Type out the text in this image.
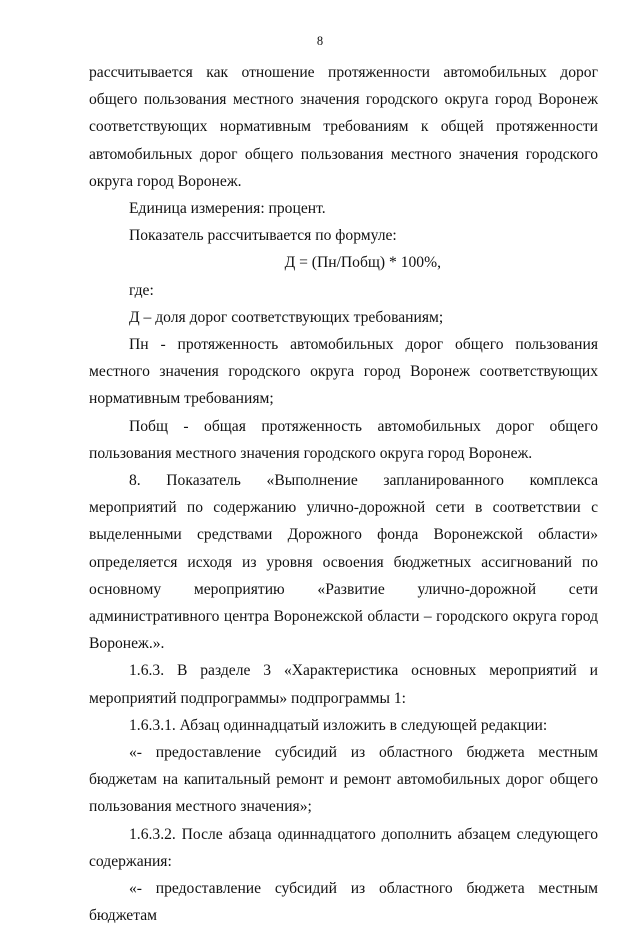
8

рассчитывается как отношение протяженности автомобильных дорог общего пользования местного значения городского округа город Воронеж соответствующих нормативным требованиям к общей протяженности автомобильных дорог общего пользования местного значения городского округа город Воронеж.

Единица измерения: процент.

Показатель рассчитывается по формуле:

Д = (Пн/Побщ) * 100%,

где:

Д – доля дорог соответствующих требованиям;

Пн - протяженность автомобильных дорог общего пользования местного значения городского округа город Воронеж соответствующих нормативным требованиям;

Побщ - общая протяженность автомобильных дорог общего пользования местного значения городского округа город Воронеж.

8. Показатель «Выполнение запланированного комплекса мероприятий по содержанию улично-дорожной сети в соответствии с выделенными средствами Дорожного фонда Воронежской области» определяется исходя из уровня освоения бюджетных ассигнований по основному мероприятию «Развитие улично-дорожной сети административного центра Воронежской области – городского округа город Воронеж.».

1.6.3. В разделе 3 «Характеристика основных мероприятий и мероприятий подпрограммы» подпрограммы 1:

1.6.3.1. Абзац одиннадцатый изложить в следующей редакции:

«- предоставление субсидий из областного бюджета местным бюджетам на капитальный ремонт и ремонт автомобильных дорог общего пользования местного значения»;

1.6.3.2. После абзаца одиннадцатого дополнить абзацем следующего содержания:

«- предоставление субсидий из областного бюджета местным бюджетам
